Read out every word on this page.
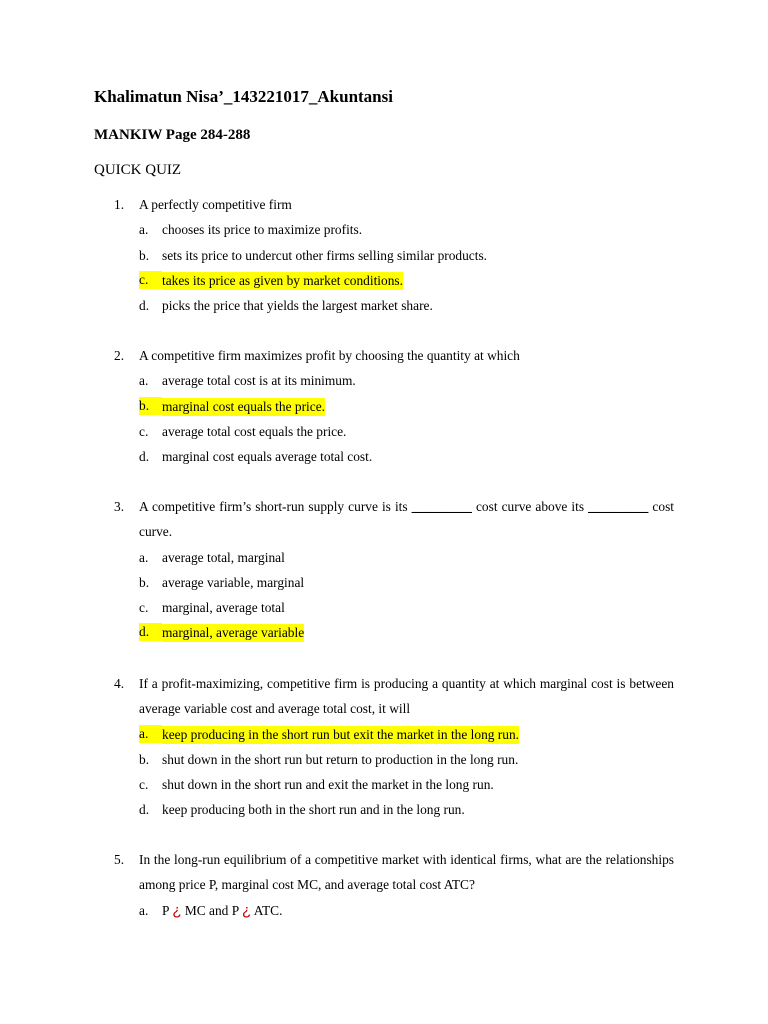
Khalimatun Nisa’_143221017_Akuntansi
MANKIW Page 284-288
QUICK QUIZ
1. A perfectly competitive firm
a. chooses its price to maximize profits.
b. sets its price to undercut other firms selling similar products.
c.	takes its price as given by market conditions.
d. picks the price that yields the largest market share.
2. A competitive firm maximizes profit by choosing the quantity at which
a. average total cost is at its minimum.
b. marginal cost equals the price.
c. average total cost equals the price.
d. marginal cost equals average total cost.
3. A competitive firm’s short-run supply curve is its _________ cost curve above its _________ cost curve.
a. average total, marginal
b. average variable, marginal
c. marginal, average total
d. marginal, average variable
4. If a profit-maximizing, competitive firm is producing a quantity at which marginal cost is between average variable cost and average total cost, it will
a.	keep producing in the short run but exit the market in the long run.
b. shut down in the short run but return to production in the long run.
c. shut down in the short run and exit the market in the long run.
d. keep producing both in the short run and in the long run.
5. In the long-run equilibrium of a competitive market with identical firms, what are the relationships among price P, marginal cost MC, and average total cost ATC?
a. P ¿ MC and P ¿ ATC.
